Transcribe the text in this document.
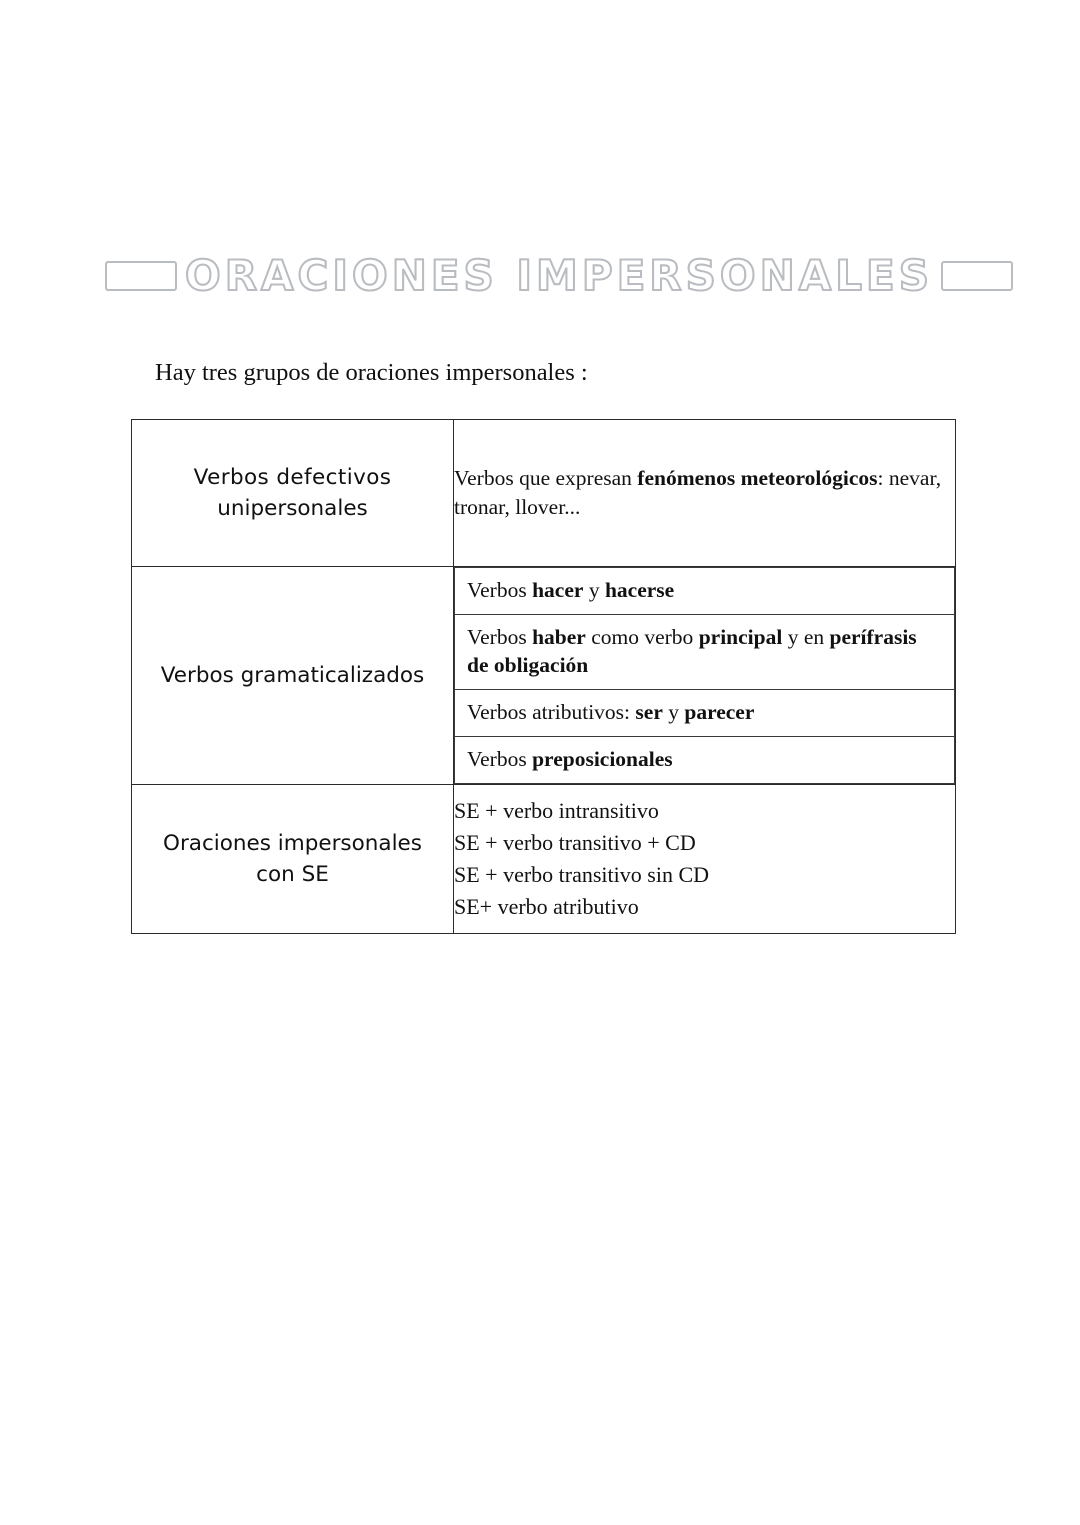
ORACIONES IMPERSONALES
Hay tres grupos de oraciones impersonales :
Verbos defectivos
unipersonales

Verbos que expresan fenómenos meteorológicos: nevar, tronar, llover...

Verbos gramaticalizados

Verbos hacer y hacerse
Verbos haber como verbo principal y en perífrasis de obligación
Verbos atributivos: ser y parecer
Verbos preposicionales

Oraciones impersonales
con SE

SE + verbo intransitivo
SE + verbo transitivo + CD
SE + verbo transitivo sin CD
SE+ verbo atributivo
